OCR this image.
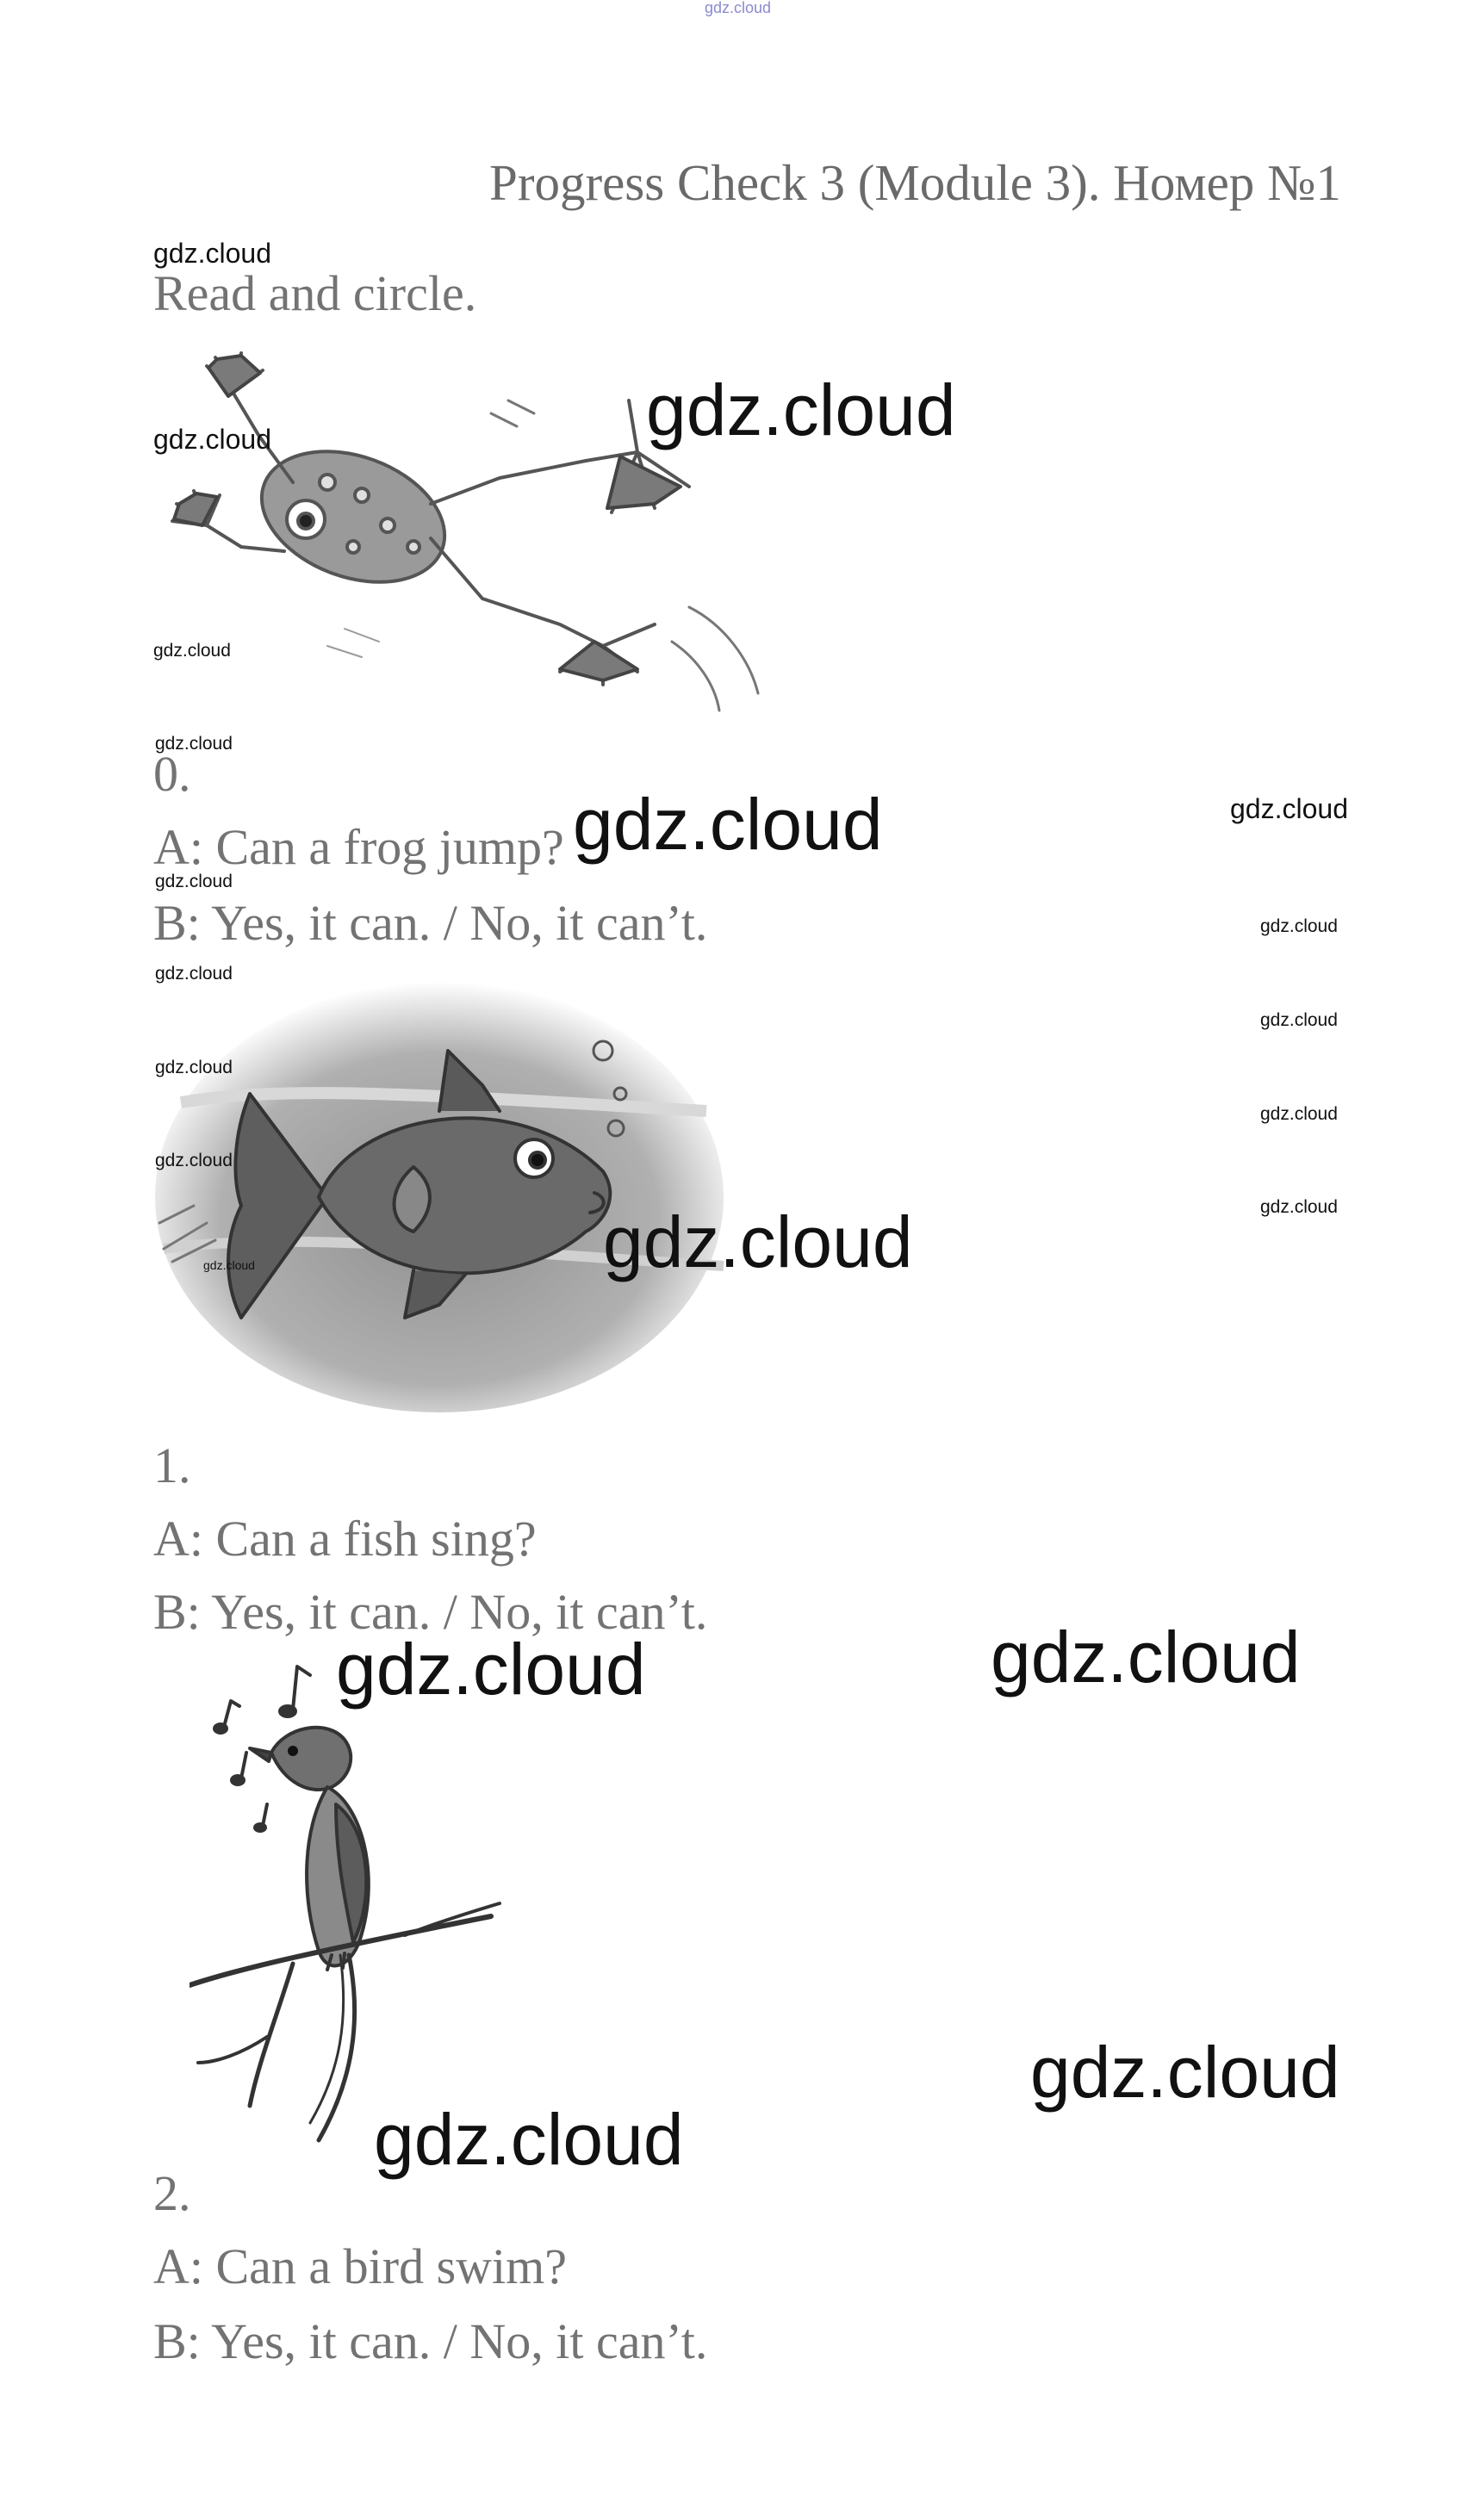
gdz.cloud
Progress Check 3 (Module 3). Номер №1
gdz.cloud
Read and circle.
gdz.cloud	gdz.cloud
gdz.cloud
gdz.cloud
0.
gdz.cloud
A: Can a frog jump? gdz.cloud
gdz.cloud
B: Yes, it can. / No, it can’t.	gdz.cloud
gdz.cloud
gdz.cloud
gdz.cloud
gdz.cloud
gdz.cloud
gdz.cloud
gdz.cloud	gdz.cloud
1.
A: Can a fish sing?
B: Yes, it can. / No, it can’t.
gdz.cloud
gdz.cloud
gdz.cloud
gdz.cloud
2.
A: Can a bird swim?
B: Yes, it can. / No, it can’t.
